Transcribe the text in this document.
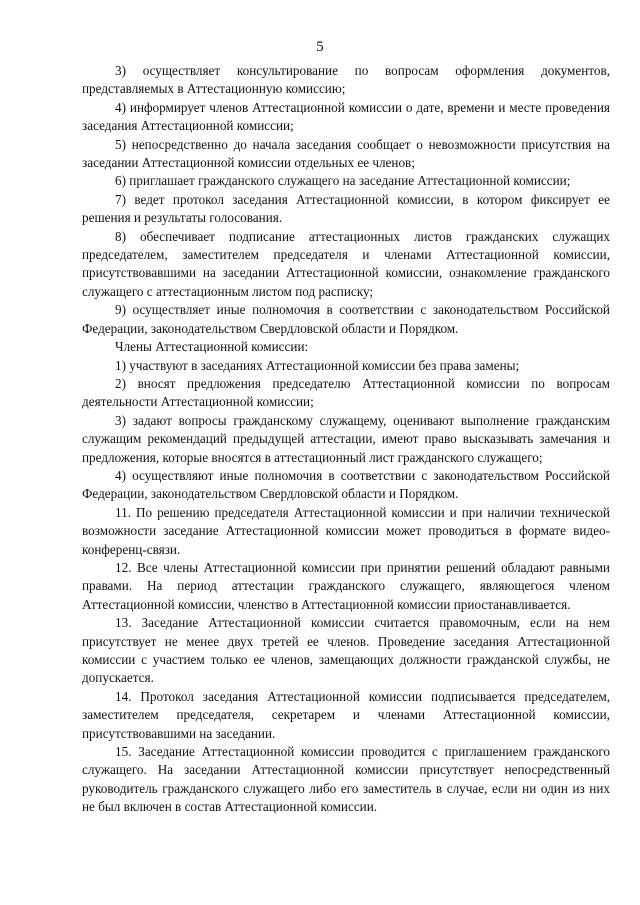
5

3) осуществляет консультирование по вопросам оформления документов, представляемых в Аттестационную комиссию;

4) информирует членов Аттестационной комиссии о дате, времени и месте проведения заседания Аттестационной комиссии;

5) непосредственно до начала заседания сообщает о невозможности присутствия на заседании Аттестационной комиссии отдельных ее членов;

6) приглашает гражданского служащего на заседание Аттестационной комиссии;

7) ведет протокол заседания Аттестационной комиссии, в котором фиксирует ее решения и результаты голосования.

8) обеспечивает подписание аттестационных листов гражданских служащих председателем, заместителем председателя и членами Аттестационной комиссии, присутствовавшими на заседании Аттестационной комиссии, ознакомление гражданского служащего с аттестационным листом под расписку;

9) осуществляет иные полномочия в соответствии с законодательством Российской Федерации, законодательством Свердловской области и Порядком.

Члены Аттестационной комиссии:

1) участвуют в заседаниях Аттестационной комиссии без права замены;

2) вносят предложения председателю Аттестационной комиссии по вопросам деятельности Аттестационной комиссии;

3) задают вопросы гражданскому служащему, оценивают выполнение гражданским служащим рекомендаций предыдущей аттестации, имеют право высказывать замечания и предложения, которые вносятся в аттестационный лист гражданского служащего;

4) осуществляют иные полномочия в соответствии с законодательством Российской Федерации, законодательством Свердловской области и Порядком.

11. По решению председателя Аттестационной комиссии и при наличии технической возможности заседание Аттестационной комиссии может проводиться в формате видео-конференц-связи.

12. Все члены Аттестационной комиссии при принятии решений обладают равными правами. На период аттестации гражданского служащего, являющегося членом Аттестационной комиссии, членство в Аттестационной комиссии приостанавливается.

13. Заседание Аттестационной комиссии считается правомочным, если на нем присутствует не менее двух третей ее членов. Проведение заседания Аттестационной комиссии с участием только ее членов, замещающих должности гражданской службы, не допускается.

14. Протокол заседания Аттестационной комиссии подписывается председателем, заместителем председателя, секретарем и членами Аттестационной комиссии, присутствовавшими на заседании.

15. Заседание Аттестационной комиссии проводится с приглашением гражданского служащего. На заседании Аттестационной комиссии присутствует непосредственный руководитель гражданского служащего либо его заместитель в случае, если ни один из них не был включен в состав Аттестационной комиссии.
